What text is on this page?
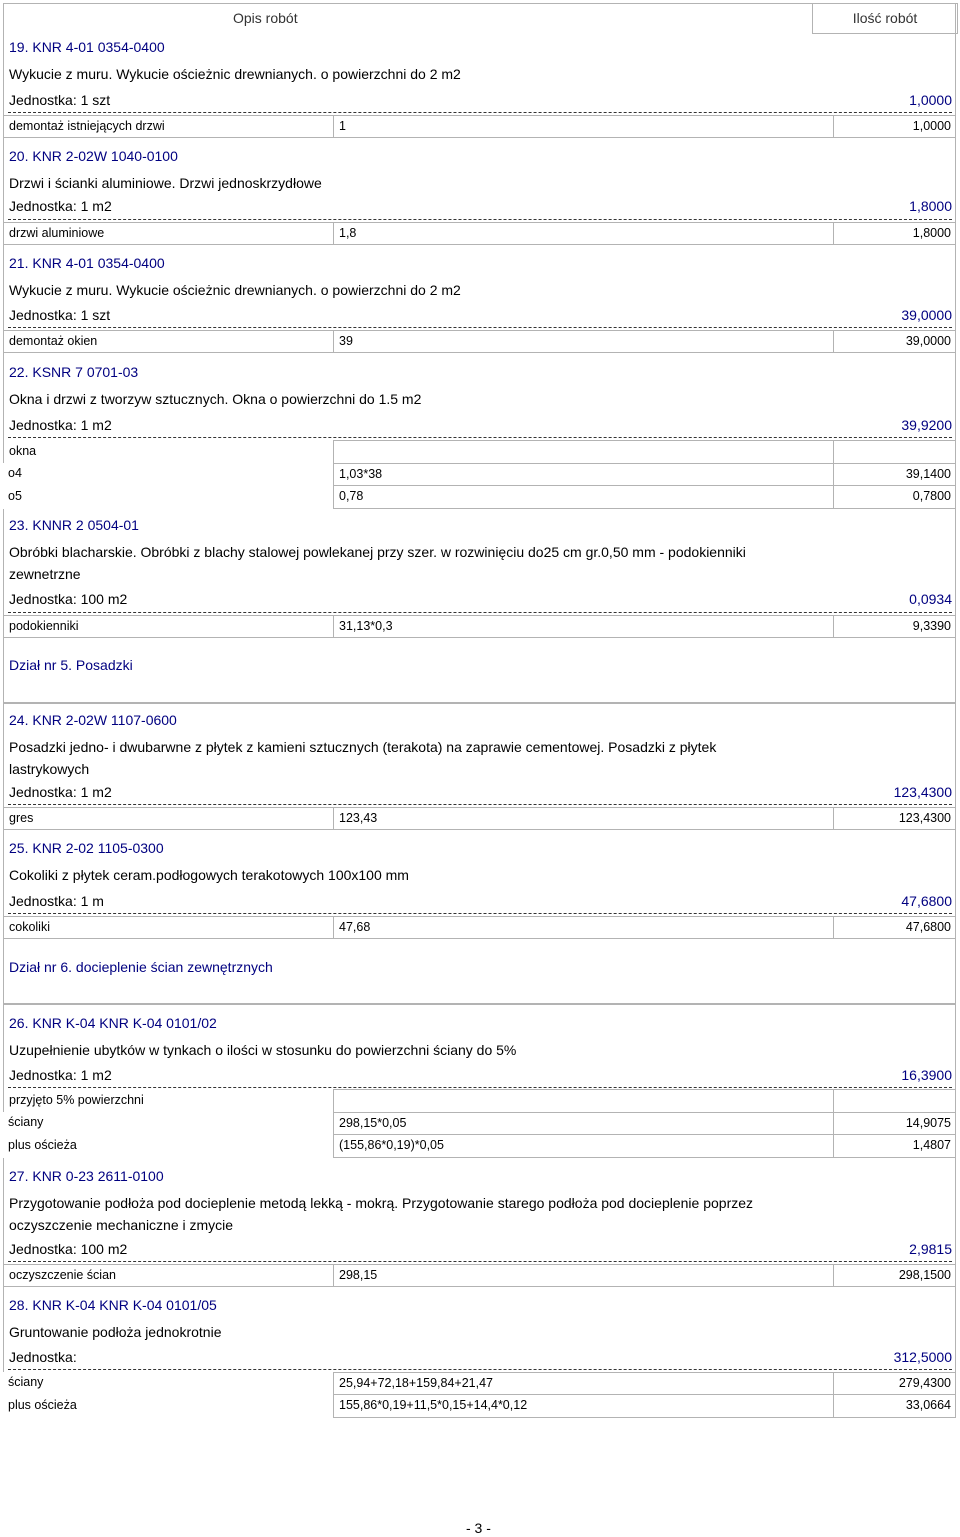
Opis robót	Ilość robót
19. KNR 4-01 0354-0400
Wykucie z muru. Wykucie ościeżnic drewnianych. o powierzchni do 2 m2
Jednostka: 1 szt	1,0000
demontaż istniejących drzwi	1	1,0000
20. KNR 2-02W 1040-0100
Drzwi i ścianki aluminiowe. Drzwi jednoskrzydłowe
Jednostka: 1 m2	1,8000
drzwi aluminiowe	1,8	1,8000
21. KNR 4-01 0354-0400
Wykucie z muru. Wykucie ościeżnic drewnianych. o powierzchni do 2 m2
Jednostka: 1 szt	39,0000
demontaż okien	39	39,0000
22. KSNR 7 0701-03
Okna i drzwi z tworzyw sztucznych. Okna o powierzchni do 1.5 m2
Jednostka: 1 m2	39,9200
okna
o4	1,03*38	39,1400
o5	0,78	0,7800
23. KNNR 2 0504-01
Obróbki blacharskie. Obróbki z blachy stalowej powlekanej przy szer. w rozwinięciu do25 cm gr.0,50 mm - podokienniki
zewnetrzne
Jednostka: 100 m2	0,0934
podokienniki	31,13*0,3	9,3390
Dział nr 5. Posadzki
24. KNR 2-02W 1107-0600
Posadzki jedno- i dwubarwne z płytek z kamieni sztucznych (terakota) na zaprawie cementowej. Posadzki z płytek
lastrykowych
Jednostka: 1 m2	123,4300
gres	123,43	123,4300
25. KNR 2-02 1105-0300
Cokoliki z płytek ceram.podłogowych terakotowych 100x100 mm
Jednostka: 1 m	47,6800
cokoliki	47,68	47,6800
Dział nr 6. docieplenie ścian zewnętrznych
26. KNR K-04 KNR K-04 0101/02
Uzupełnienie ubytków w tynkach o ilości w stosunku do powierzchni ściany do 5%
Jednostka: 1 m2	16,3900
przyjęto 5% powierzchni
ściany	298,15*0,05	14,9075
plus ościeża	(155,86*0,19)*0,05	1,4807
27. KNR 0-23 2611-0100
Przygotowanie podłoża pod docieplenie metodą lekką - mokrą. Przygotowanie starego podłoża pod docieplenie poprzez
oczyszczenie mechaniczne i zmycie
Jednostka: 100 m2	2,9815
oczyszczenie ścian	298,15	298,1500
28. KNR K-04 KNR K-04 0101/05
Gruntowanie podłoża jednokrotnie
Jednostka:	312,5000
ściany	25,94+72,18+159,84+21,47	279,4300
plus ościeża	155,86*0,19+11,5*0,15+14,4*0,12	33,0664
- 3 -
